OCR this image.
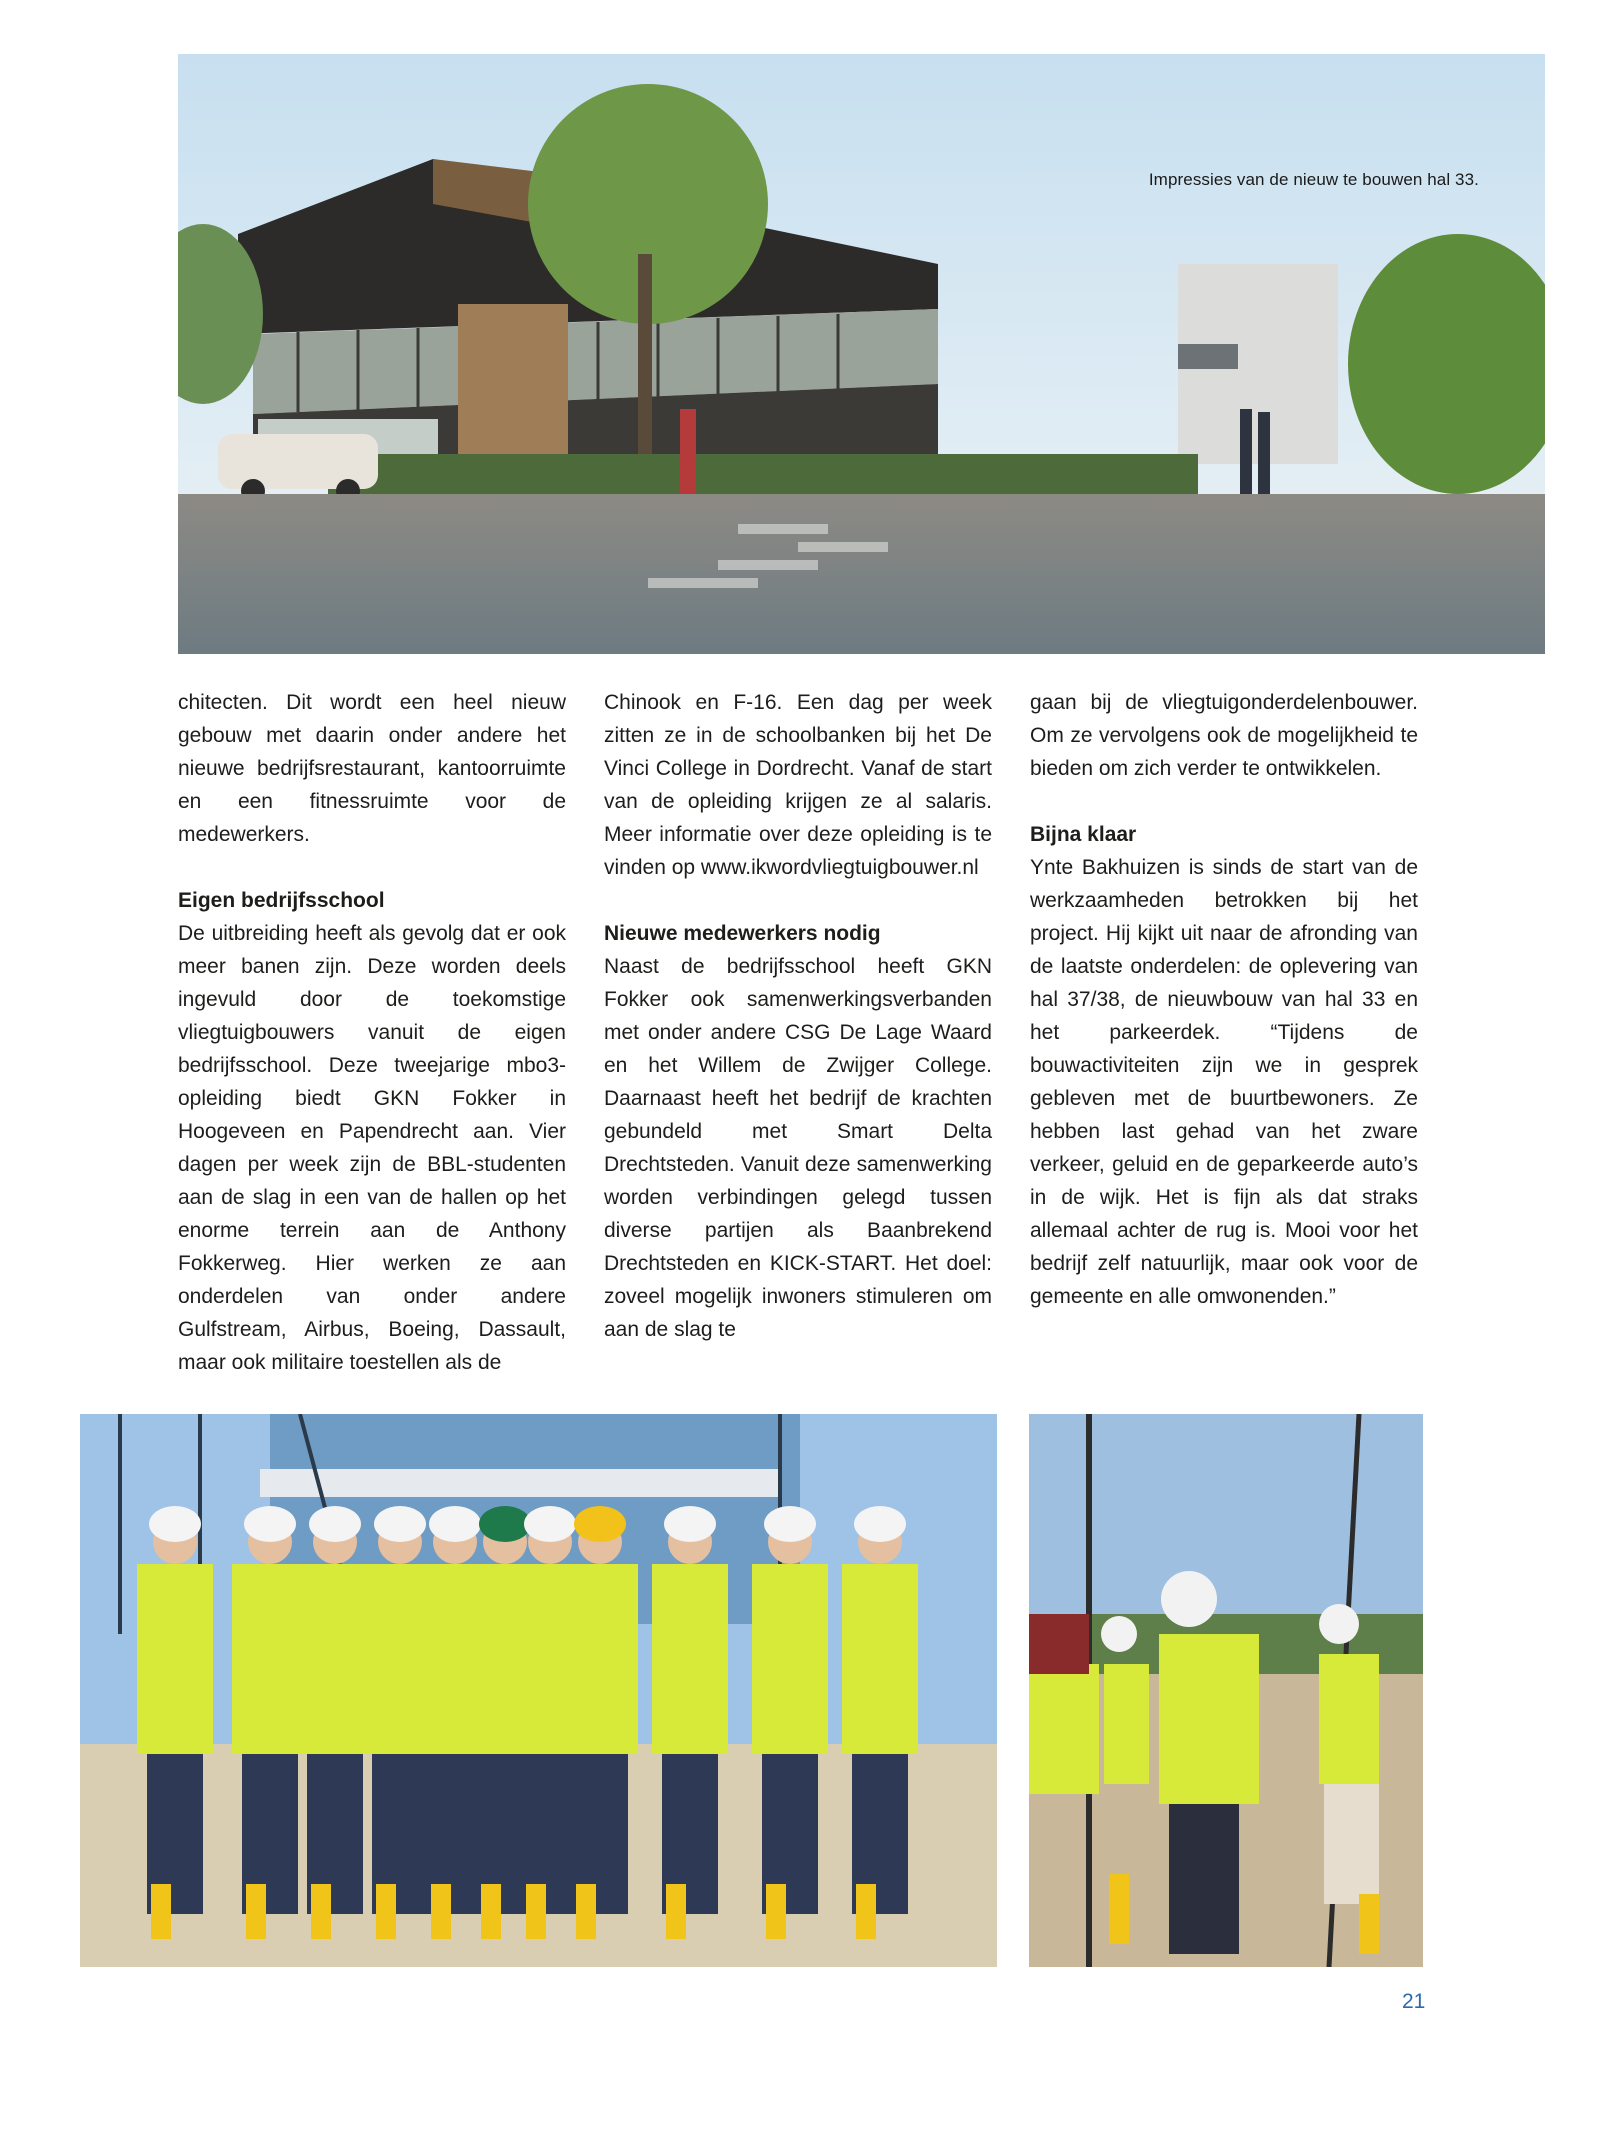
Impressies van de nieuw te bouwen hal 33.

chitecten. Dit wordt een heel nieuw gebouw met daarin onder andere het nieuwe bedrijfsrestaurant, kantoorruimte en een fitnessruimte voor de medewerkers.

Eigen bedrijfsschool

De uitbreiding heeft als gevolg dat er ook meer banen zijn. Deze worden deels ingevuld door de toekomstige vliegtuigbouwers vanuit de eigen bedrijfsschool. Deze tweejarige mbo3-opleiding biedt GKN Fokker in Hoogeveen en Papendrecht aan. Vier dagen per week zijn de BBL-studenten aan de slag in een van de hallen op het enorme terrein aan de Anthony Fokkerweg. Hier werken ze aan onderdelen van onder andere Gulfstream, Airbus, Boeing, Dassault, maar ook militaire toestellen als de

Chinook en F-16. Een dag per week zitten ze in de schoolbanken bij het De Vinci College in Dordrecht. Vanaf de start van de opleiding krijgen ze al salaris. Meer informatie over deze opleiding is te vinden op www.ikwordvliegtuigbouwer.nl

Nieuwe medewerkers nodig

Naast de bedrijfsschool heeft GKN Fokker ook samenwerkingsverbanden met onder andere CSG De Lage Waard en het Willem de Zwijger College. Daarnaast heeft het bedrijf de krachten gebundeld met Smart Delta Drechtsteden. Vanuit deze samenwerking worden verbindingen gelegd tussen diverse partijen als Baanbrekend Drechtsteden en KICK-START. Het doel: zoveel mogelijk inwoners stimuleren om aan de slag te

gaan bij de vliegtuigonderdelenbouwer. Om ze vervolgens ook de mogelijkheid te bieden om zich verder te ontwikkelen.

Bijna klaar

Ynte Bakhuizen is sinds de start van de werkzaamheden betrokken bij het project. Hij kijkt uit naar de afronding van de laatste onderdelen: de oplevering van hal 37/38, de nieuwbouw van hal 33 en het parkeerdek. “Tijdens de bouwactiviteiten zijn we in gesprek gebleven met de buurtbewoners. Ze hebben last gehad van het zware verkeer, geluid en de geparkeerde auto’s in de wijk. Het is fijn als dat straks allemaal achter de rug is. Mooi voor het bedrijf zelf natuurlijk, maar ook voor de gemeente en alle omwonenden.”

21
